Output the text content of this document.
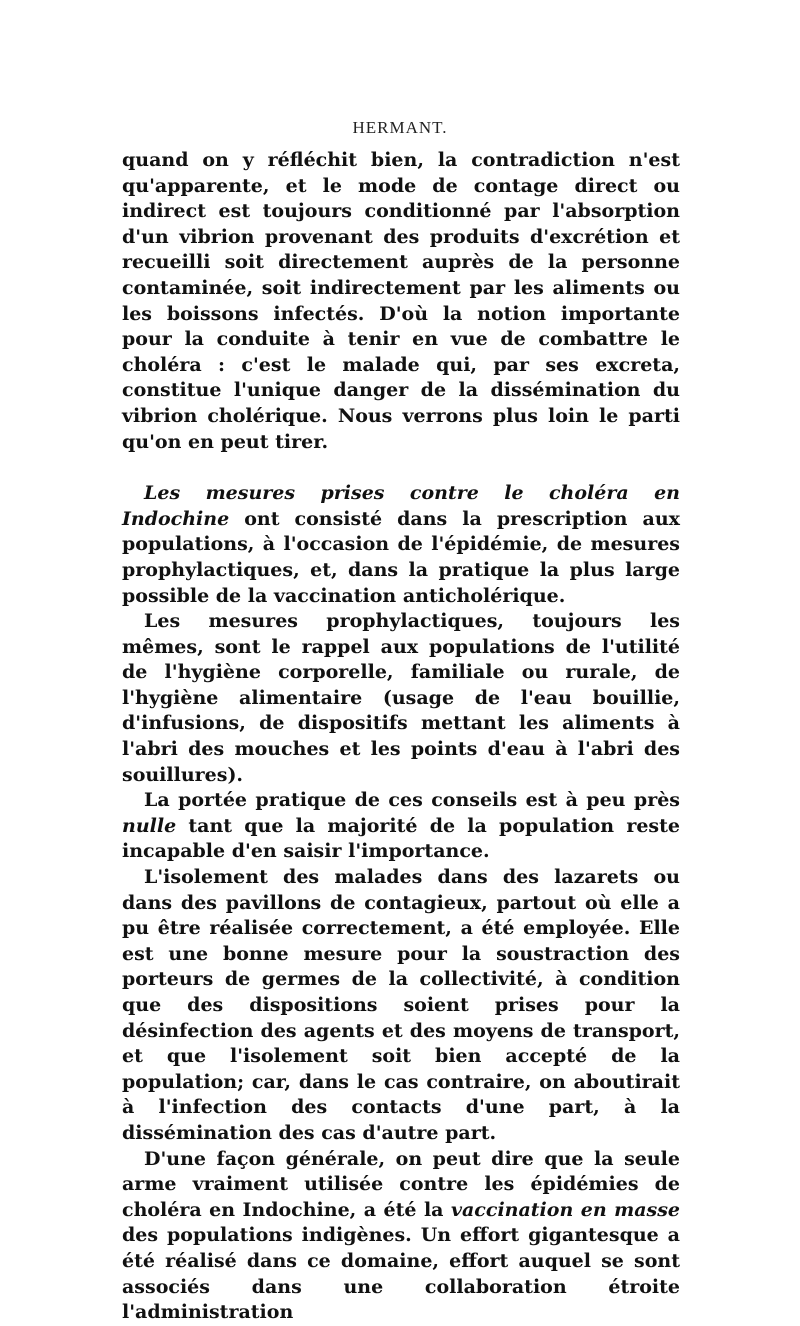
HERMANT.

quand on y réfléchit bien, la contradiction n'est qu'apparente, et le mode de contage direct ou indirect est toujours conditionné par l'absorption d'un vibrion provenant des produits d'excrétion et recueilli soit directement auprès de la personne contaminée, soit indirectement par les aliments ou les boissons infectés. D'où la notion importante pour la conduite à tenir en vue de combattre le choléra : c'est le malade qui, par ses excreta, constitue l'unique danger de la dissémination du vibrion cholérique. Nous verrons plus loin le parti qu'on en peut tirer.

Les mesures prises contre le choléra en Indochine ont consisté dans la prescription aux populations, à l'occasion de l'épidémie, de mesures prophylactiques, et, dans la pratique la plus large possible de la vaccination anticholérique.

Les mesures prophylactiques, toujours les mêmes, sont le rappel aux populations de l'utilité de l'hygiène corporelle, familiale ou rurale, de l'hygiène alimentaire (usage de l'eau bouillie, d'infusions, de dispositifs mettant les aliments à l'abri des mouches et les points d'eau à l'abri des souillures).

La portée pratique de ces conseils est à peu près nulle tant que la majorité de la population reste incapable d'en saisir l'importance.

L'isolement des malades dans des lazarets ou dans des pavillons de contagieux, partout où elle a pu être réalisée correctement, a été employée. Elle est une bonne mesure pour la soustraction des porteurs de germes de la collectivité, à condition que des dispositions soient prises pour la désinfection des agents et des moyens de transport, et que l'isolement soit bien accepté de la population; car, dans le cas contraire, on aboutirait à l'infection des contacts d'une part, à la dissémination des cas d'autre part.

D'une façon générale, on peut dire que la seule arme vraiment utilisée contre les épidémies de choléra en Indochine, a été la vaccination en masse des populations indigènes. Un effort gigantesque a été réalisé dans ce domaine, effort auquel se sont associés dans une collaboration étroite l'administration
